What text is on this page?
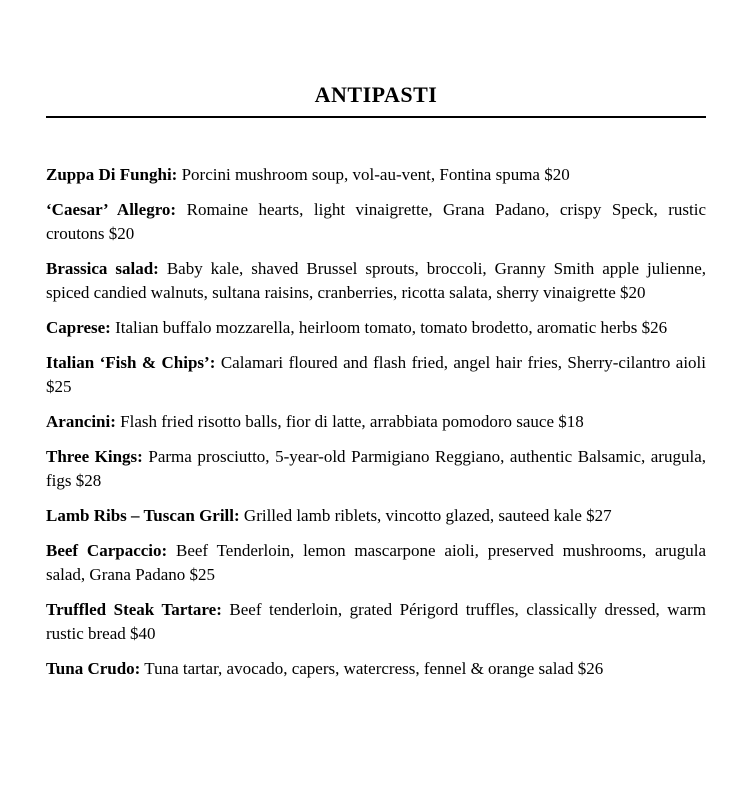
ANTIPASTI

Zuppa Di Funghi: Porcini mushroom soup, vol-au-vent, Fontina spuma $20

‘Caesar’ Allegro: Romaine hearts, light vinaigrette, Grana Padano, crispy Speck, rustic croutons $20

Brassica salad: Baby kale, shaved Brussel sprouts, broccoli, Granny Smith apple julienne, spiced candied walnuts, sultana raisins, cranberries, ricotta salata, sherry vinaigrette $20

Caprese: Italian buffalo mozzarella, heirloom tomato, tomato brodetto, aromatic herbs $26

Italian ‘Fish & Chips’: Calamari floured and flash fried, angel hair fries, Sherry-cilantro aioli $25

Arancini: Flash fried risotto balls, fior di latte, arrabbiata pomodoro sauce $18

Three Kings: Parma prosciutto, 5-year-old Parmigiano Reggiano, authentic Balsamic, arugula, figs $28

Lamb Ribs – Tuscan Grill: Grilled lamb riblets, vincotto glazed, sauteed kale $27

Beef Carpaccio: Beef Tenderloin, lemon mascarpone aioli, preserved mushrooms, arugula salad, Grana Padano $25

Truffled Steak Tartare: Beef tenderloin, grated Périgord truffles, classically dressed, warm rustic bread $40

Tuna Crudo: Tuna tartar, avocado, capers, watercress, fennel & orange salad $26
